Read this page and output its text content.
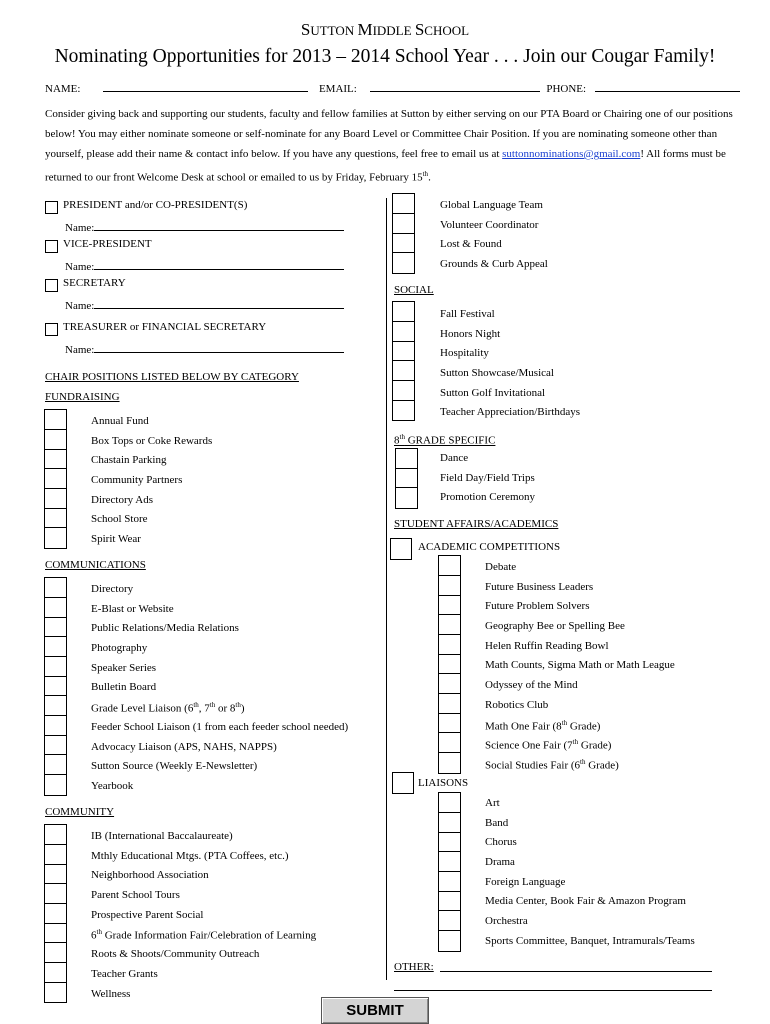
SUTTON MIDDLE SCHOOL
Nominating Opportunities for 2013 – 2014 School Year . . . Join our Cougar Family!
NAME:	EMAIL:	PHONE:
Consider giving back and supporting our students, faculty and fellow families at Sutton by either serving on our PTA Board or Chairing one of our positions below! You may either nominate someone or self-nominate for any Board Level or Committee Chair Position. If you are nominating someone other than yourself, please add their name & contact info below. If you have any questions, feel free to email us at suttonnominations@gmail.com! All forms must be returned to our front Welcome Desk at school or emailed to us by Friday, February 15th.
PRESIDENT and/or CO-PRESIDENT(S)
Name:
VICE-PRESIDENT
Name:
SECRETARY
Name:
TREASURER or FINANCIAL SECRETARY
Name:
CHAIR POSITIONS LISTED BELOW BY CATEGORY
FUNDRAISING
Annual Fund
Box Tops or Coke Rewards
Chastain Parking
Community Partners
Directory Ads
School Store
Spirit Wear
COMMUNICATIONS
Directory
E-Blast or Website
Public Relations/Media Relations
Photography
Speaker Series
Bulletin Board
Grade Level Liaison (6th, 7th or 8th)
Feeder School Liaison (1 from each feeder school needed)
Advocacy Liaison (APS, NAHS, NAPPS)
Sutton Source (Weekly E-Newsletter)
Yearbook
COMMUNITY
IB (International Baccalaureate)
Mthly Educational Mtgs. (PTA Coffees, etc.)
Neighborhood Association
Parent School Tours
Prospective Parent Social
6th Grade Information Fair/Celebration of Learning
Roots & Shoots/Community Outreach
Teacher Grants
Wellness
Global Language Team
Volunteer Coordinator
Lost & Found
Grounds & Curb Appeal
SOCIAL
Fall Festival
Honors Night
Hospitality
Sutton Showcase/Musical
Sutton Golf Invitational
Teacher Appreciation/Birthdays
8th GRADE SPECIFIC
Dance
Field Day/Field Trips
Promotion Ceremony
STUDENT AFFAIRS/ACADEMICS
ACADEMIC COMPETITIONS
Debate
Future Business Leaders
Future Problem Solvers
Geography Bee or Spelling Bee
Helen Ruffin Reading Bowl
Math Counts, Sigma Math or Math League
Odyssey of the Mind
Robotics Club
Math One Fair (8th Grade)
Science One Fair (7th Grade)
Social Studies Fair (6th Grade)
LIAISONS
Art
Band
Chorus
Drama
Foreign Language
Media Center, Book Fair & Amazon Program
Orchestra
Sports Committee, Banquet, Intramurals/Teams
OTHER:
SUBMIT
